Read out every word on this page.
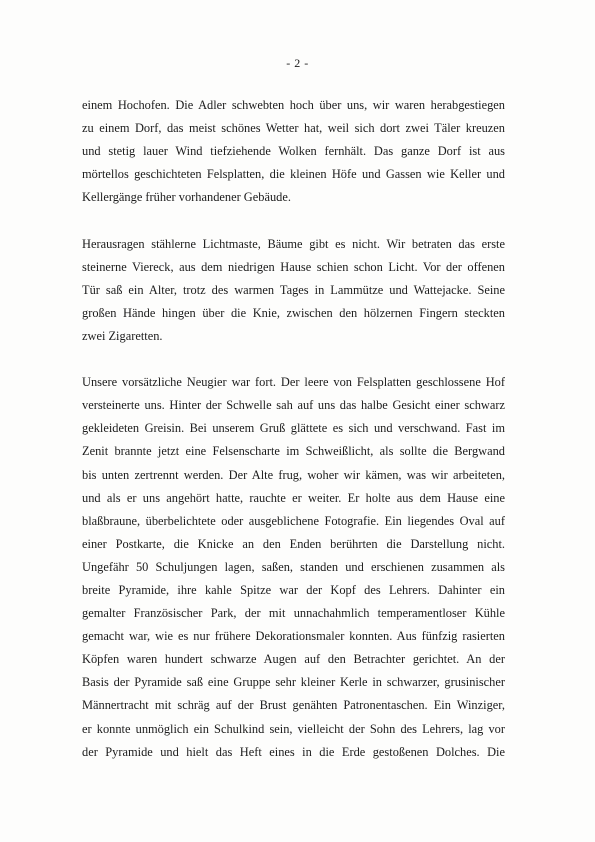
- 2 -

einem Hochofen. Die Adler schwebten hoch über uns, wir waren herabgestiegen
zu einem Dorf, das meist schönes Wetter hat, weil sich dort zwei Täler kreuzen
und stetig lauer Wind tiefziehende Wolken fernhält. Das ganze Dorf ist aus
mörtellos geschichteten Felsplatten, die kleinen Höfe und Gassen wie Keller und
Kellergänge früher vorhandener Gebäude.

Herausragen stählerne Lichtmaste, Bäume gibt es nicht. Wir betraten das erste
steinerne Viereck, aus dem niedrigen Hause schien schon Licht. Vor der offenen
Tür saß ein Alter, trotz des warmen Tages in Lammütze und Wattejacke. Seine
großen Hände hingen über die Knie, zwischen den hölzernen Fingern steckten
zwei Zigaretten.

Unsere vorsätzliche Neugier war fort. Der leere von Felsplatten geschlossene Hof
versteinerte uns. Hinter der Schwelle sah auf uns das halbe Gesicht einer schwarz
gekleideten Greisin. Bei unserem Gruß glättete es sich und verschwand. Fast im
Zenit brannte jetzt eine Felsenscharte im Schweißlicht, als sollte die Bergwand
bis unten zertrennt werden. Der Alte frug, woher wir kämen, was wir arbeiteten,
und als er uns angehört hatte, rauchte er weiter. Er holte aus dem Hause eine
blaßbraune, überbelichtete oder ausgeblichene Fotografie. Ein liegendes Oval auf
einer Postkarte, die Knicke an den Enden berührten die Darstellung nicht.
Ungefähr 50 Schuljungen lagen, saßen, standen und erschienen zusammen als
breite Pyramide, ihre kahle Spitze war der Kopf des Lehrers. Dahinter ein
gemalter Französischer Park, der mit unnachahmlich temperamentloser Kühle
gemacht war, wie es nur frühere Dekorationsmaler konnten. Aus fünfzig rasierten
Köpfen waren hundert schwarze Augen auf den Betrachter gerichtet. An der
Basis der Pyramide saß eine Gruppe sehr kleiner Kerle in schwarzer, grusinischer
Männertracht mit schräg auf der Brust genähten Patronentaschen. Ein Winziger,
er konnte unmöglich ein Schulkind sein, vielleicht der Sohn des Lehrers, lag vor
der Pyramide und hielt das Heft eines in die Erde gestoßenen Dolches. Die
